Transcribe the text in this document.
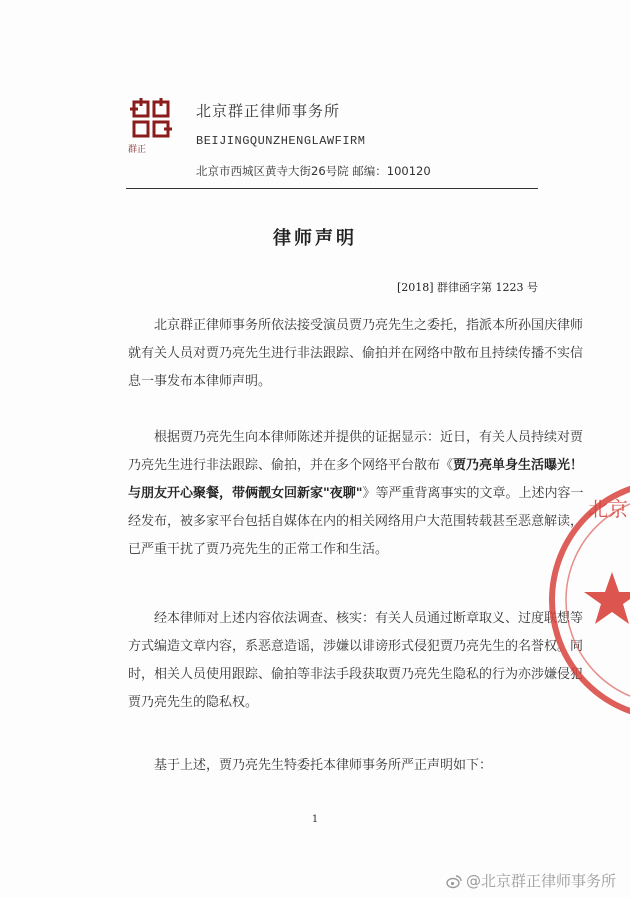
群正
北京群正律师事务所
BEIJINGQUNZHENGLAWFIRM
北京市西城区黄寺大街26号院 邮编：100120
律师声明
[2018] 群律函字第 1223 号
北京群正律师事务所依法接受演员贾乃亮先生之委托，指派本所孙国庆律师
就有关人员对贾乃亮先生进行非法跟踪、偷拍并在网络中散布且持续传播不实信
息一事发布本律师声明。
根据贾乃亮先生向本律师陈述并提供的证据显示：近日，有关人员持续对贾
乃亮先生进行非法跟踪、偷拍，并在多个网络平台散布《贾乃亮单身生活曝光！
与朋友开心聚餐，带俩靓女回新家"夜聊"》等严重背离事实的文章。上述内容一
经发布，被多家平台包括自媒体在内的相关网络用户大范围转载甚至恶意解读，
已严重干扰了贾乃亮先生的正常工作和生活。
经本律师对上述内容依法调查、核实：有关人员通过断章取义、过度联想等
方式编造文章内容，系恶意造谣，涉嫌以诽谤形式侵犯贾乃亮先生的名誉权。同
时，相关人员使用跟踪、偷拍等非法手段获取贾乃亮先生隐私的行为亦涉嫌侵犯
贾乃亮先生的隐私权。
基于上述，贾乃亮先生特委托本律师事务所严正声明如下：
1
北京
@北京群正律师事务所
